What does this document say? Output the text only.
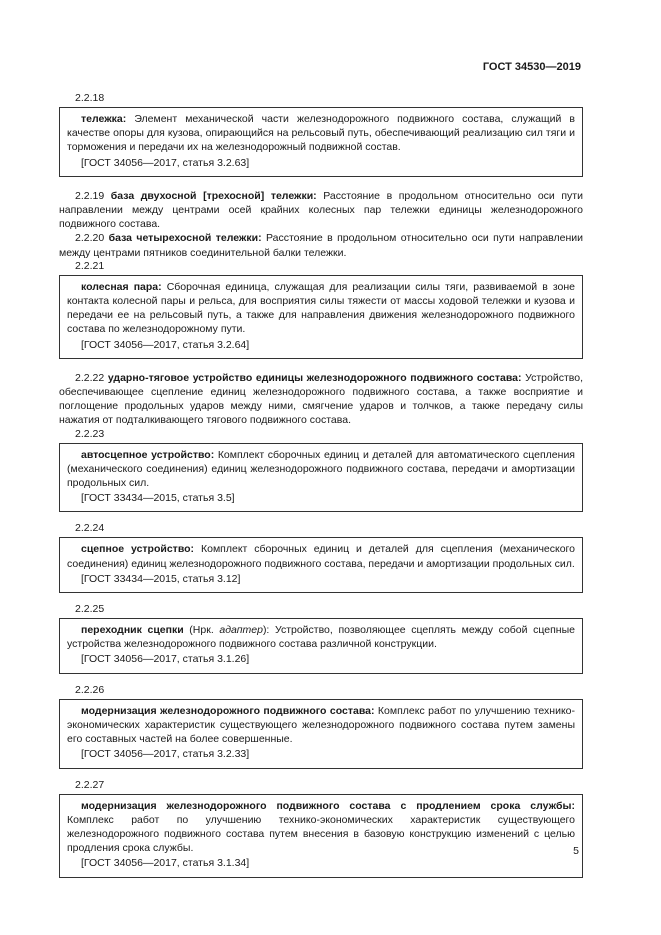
ГОСТ 34530—2019
2.2.18

тележка: Элемент механической части железнодорожного подвижного состава, служащий в качестве опоры для кузова, опирающийся на рельсовый путь, обеспечивающий реализацию сил тяги и торможения и передачи их на железнодорожный подвижной состав.

[ГОСТ 34056—2017, статья 3.2.63]

2.2.19 база двухосной [трехосной] тележки: Расстояние в продольном относительно оси пути направлении между центрами осей крайних колесных пар тележки единицы железнодорожного подвижного состава.

2.2.20 база четырехосной тележки: Расстояние в продольном относительно оси пути направлении между центрами пятников соединительной балки тележки.

2.2.21

колесная пара: Сборочная единица, служащая для реализации силы тяги, развиваемой в зоне контакта колесной пары и рельса, для восприятия силы тяжести от массы ходовой тележки и кузова и передачи ее на рельсовый путь, а также для направления движения железнодорожного подвижного состава по железнодорожному пути.

[ГОСТ 34056—2017, статья 3.2.64]

2.2.22 ударно-тяговое устройство единицы железнодорожного подвижного состава: Устройство, обеспечивающее сцепление единиц железнодорожного подвижного состава, а также восприятие и поглощение продольных ударов между ними, смягчение ударов и толчков, а также передачу силы нажатия от подталкивающего тягового подвижного состава.

2.2.23

автосцепное устройство: Комплект сборочных единиц и деталей для автоматического сцепления (механического соединения) единиц железнодорожного подвижного состава, передачи и амортизации продольных сил.

[ГОСТ 33434—2015, статья 3.5]

2.2.24

сцепное устройство: Комплект сборочных единиц и деталей для сцепления (механического соединения) единиц железнодорожного подвижного состава, передачи и амортизации продольных сил.

[ГОСТ 33434—2015, статья 3.12]

2.2.25

переходник сцепки (Нрк. адаптер): Устройство, позволяющее сцеплять между собой сцепные устройства железнодорожного подвижного состава различной конструкции.

[ГОСТ 34056—2017, статья 3.1.26]

2.2.26

модернизация железнодорожного подвижного состава: Комплекс работ по улучшению технико-экономических характеристик существующего железнодорожного подвижного состава путем замены его составных частей на более совершенные.

[ГОСТ 34056—2017, статья 3.2.33]

2.2.27

модернизация железнодорожного подвижного состава с продлением срока службы: Комплекс работ по улучшению технико-экономических характеристик существующего железнодорожного подвижного состава путем внесения в базовую конструкцию изменений с целью продления срока службы.

[ГОСТ 34056—2017, статья 3.1.34]

5
